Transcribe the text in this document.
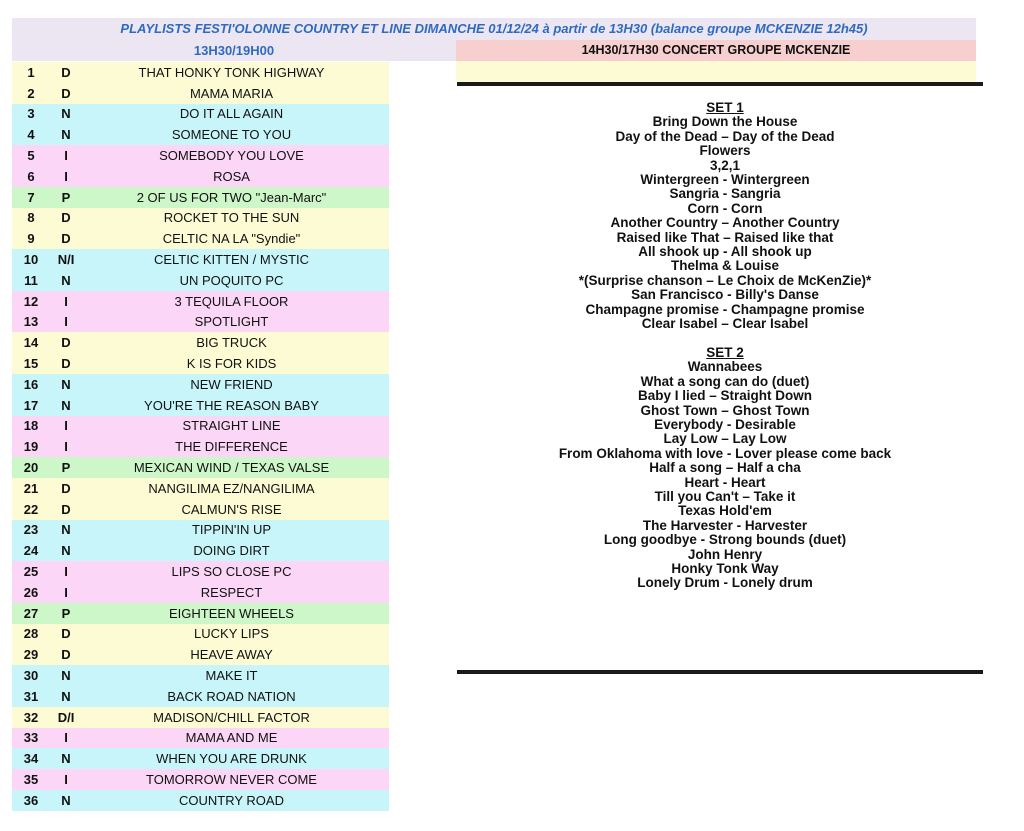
PLAYLISTS FESTI'OLONNE COUNTRY ET LINE DIMANCHE 01/12/24 à partir de 13H30 (balance groupe MCKENZIE 12h45)
13H30/19H00	14H30/17H30 CONCERT GROUPE MCKENZIE
1	D	THAT HONKY TONK HIGHWAY
2	D	MAMA MARIA
3	N	DO IT ALL AGAIN
4	N	SOMEONE TO YOU
5	I	SOMEBODY YOU LOVE
6	I	ROSA
7	P	2 OF US FOR TWO "Jean-Marc"
8	D	ROCKET TO THE SUN
9	D	CELTIC NA LA "Syndie"
10	N/I	CELTIC KITTEN / MYSTIC
11	N	UN POQUITO PC
12	I	3 TEQUILA FLOOR
13	I	SPOTLIGHT
14	D	BIG TRUCK
15	D	K IS FOR KIDS
16	N	NEW FRIEND
17	N	YOU'RE THE REASON BABY
18	I	STRAIGHT LINE
19	I	THE DIFFERENCE
20	P	MEXICAN WIND / TEXAS VALSE
21	D	NANGILIMA EZ/NANGILIMA
22	D	CALMUN'S RISE
23	N	TIPPIN'IN UP
24	N	DOING DIRT
25	I	LIPS SO CLOSE PC
26	I	RESPECT
27	P	EIGHTEEN WHEELS
28	D	LUCKY LIPS
29	D	HEAVE AWAY
30	N	MAKE IT
31	N	BACK ROAD NATION
32	D/I	MADISON/CHILL FACTOR
33	I	MAMA AND ME
34	N	WHEN YOU ARE DRUNK
35	I	TOMORROW NEVER COME
36	N	COUNTRY ROAD
SET 1
Bring Down the House
Day of the Dead – Day of the Dead
Flowers
3,2,1
Wintergreen - Wintergreen
Sangria - Sangria
Corn - Corn
Another Country – Another Country
Raised like That – Raised like that
All shook up - All shook up
Thelma & Louise
*(Surprise chanson – Le Choix de McKenZie)*
San Francisco - Billy's Danse
Champagne promise - Champagne promise
Clear Isabel – Clear Isabel
SET 2
Wannabees
What a song can do (duet)
Baby I lied – Straight Down
Ghost Town – Ghost Town
Everybody - Desirable
Lay Low – Lay Low
From Oklahoma with love - Lover please come back
Half a song – Half a cha
Heart - Heart
Till you Can't – Take it
Texas Hold'em
The Harvester - Harvester
Long goodbye - Strong bounds (duet)
John Henry
Honky Tonk Way
Lonely Drum - Lonely drum
